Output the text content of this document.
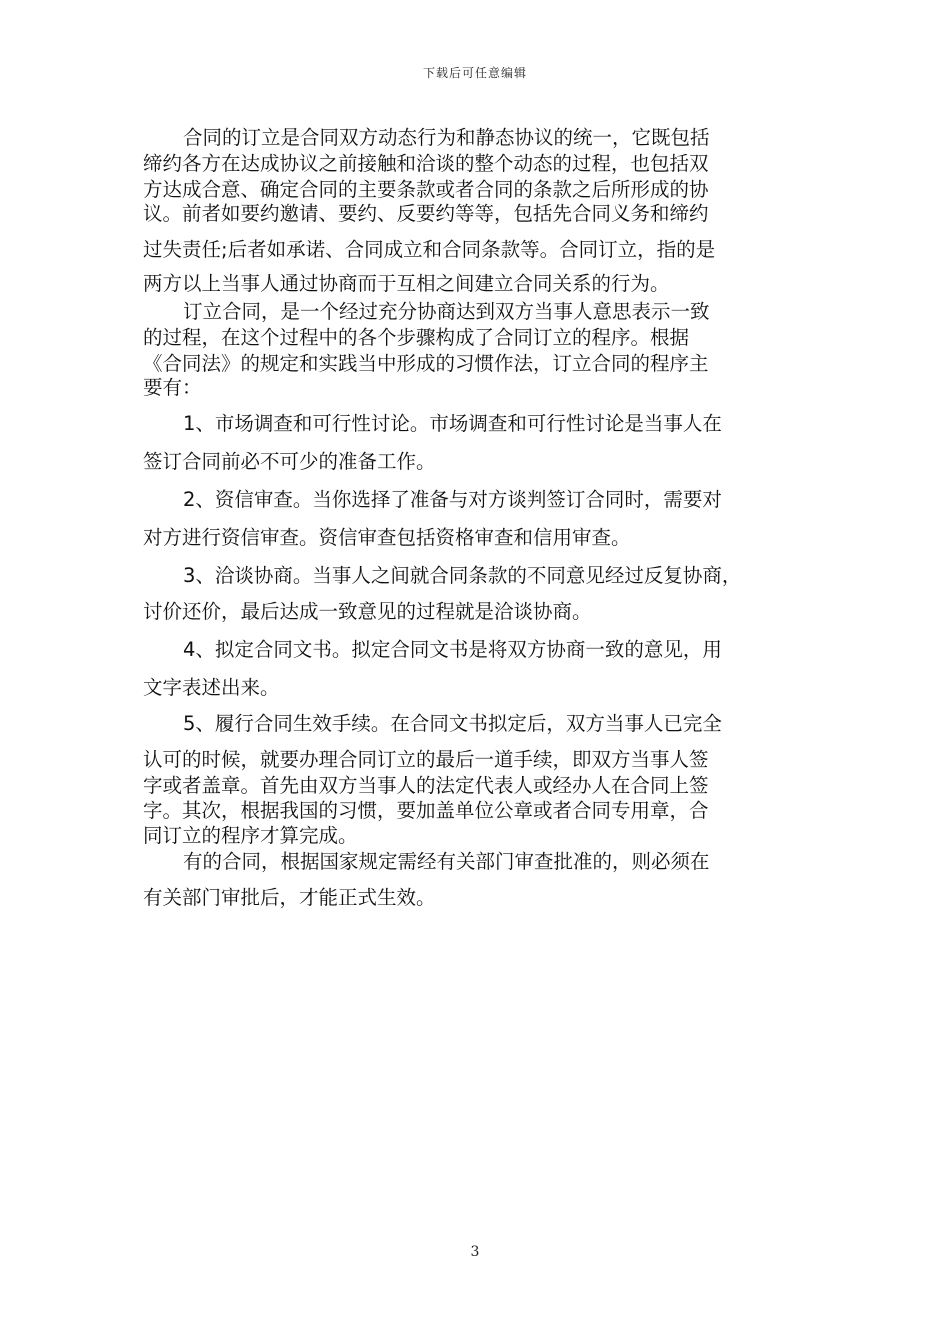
下载后可任意编辑
合同的订立是合同双方动态行为和静态协议的统一，它既包括
缔约各方在达成协议之前接触和洽谈的整个动态的过程，也包括双
方达成合意、确定合同的主要条款或者合同的条款之后所形成的协
议。前者如要约邀请、要约、反要约等等，包括先合同义务和缔约
过失责任;后者如承诺、合同成立和合同条款等。合同订立，指的是
两方以上当事人通过协商而于互相之间建立合同关系的行为。
订立合同，是一个经过充分协商达到双方当事人意思表示一致
的过程，在这个过程中的各个步骤构成了合同订立的程序。根据
《合同法》的规定和实践当中形成的习惯作法，订立合同的程序主
要有：
1、市场调查和可行性讨论。市场调查和可行性讨论是当事人在
签订合同前必不可少的准备工作。
2、资信审查。当你选择了准备与对方谈判签订合同时，需要对
对方进行资信审查。资信审查包括资格审查和信用审查。
3、洽谈协商。当事人之间就合同条款的不同意见经过反复协商，
讨价还价，最后达成一致意见的过程就是洽谈协商。
4、拟定合同文书。拟定合同文书是将双方协商一致的意见，用
文字表述出来。
5、履行合同生效手续。在合同文书拟定后，双方当事人已完全
认可的时候，就要办理合同订立的最后一道手续，即双方当事人签
字或者盖章。首先由双方当事人的法定代表人或经办人在合同上签
字。其次，根据我国的习惯，要加盖单位公章或者合同专用章，合
同订立的程序才算完成。
有的合同，根据国家规定需经有关部门审查批准的，则必须在
有关部门审批后，才能正式生效。
3
